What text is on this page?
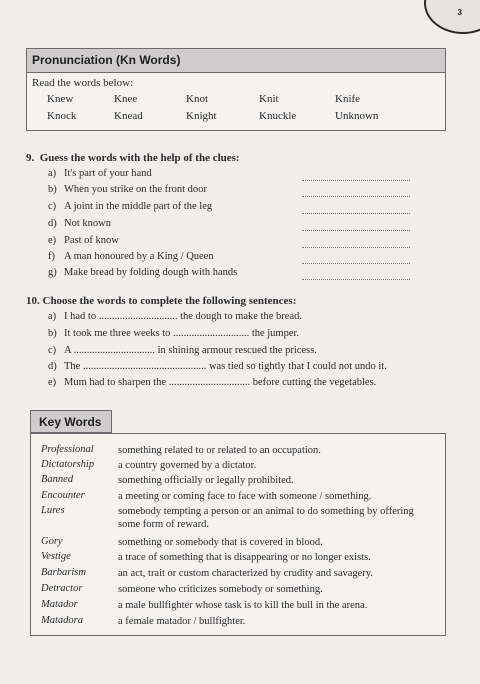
3
Pronunciation (Kn Words)
Read the words below:
Knew	Knee	Knot	Knit	Knife
Knock	Knead	Knight	Knuckle	Unknown
9. Guess the words with the help of the clues:
a) It's part of your hand
b) When you strike on the front door
c) A joint in the middle part of the leg
d) Not known
e) Past of know
f) A man honoured by a King / Queen
g) Make bread by folding dough with hands
10. Choose the words to complete the following sentences:
a) I had to .............................. the dough to make the bread.
b) It took me three weeks to ............................. the jumper.
c) A ............................... in shining armour rescued the pricess.
d) The ............................................... was tied so tightly that I could not undo it.
e) Mum had to sharpen the ............................... before cutting the vegetables.
Key Words
Professional something related to or related to an occupation.
Dictatorship a country governed by a dictator.
Banned	something officially or legally prohibited.
Encounter	a meeting or coming face to face with someone / something.
Lures	somebody tempting a person or an animal to do something by offering some form of reward.
Gory	something or somebody that is covered in blood.
Vestige	a trace of something that is disappearing or no longer exists.
Barbarism	an act, trait or custom characterized by crudity and savagery.
Detractor	someone who criticizes somebody or something.
Matador	a male bullfighter whose task is to kill the bull in the arena.
Matadora	a female matador / bullfighter.
